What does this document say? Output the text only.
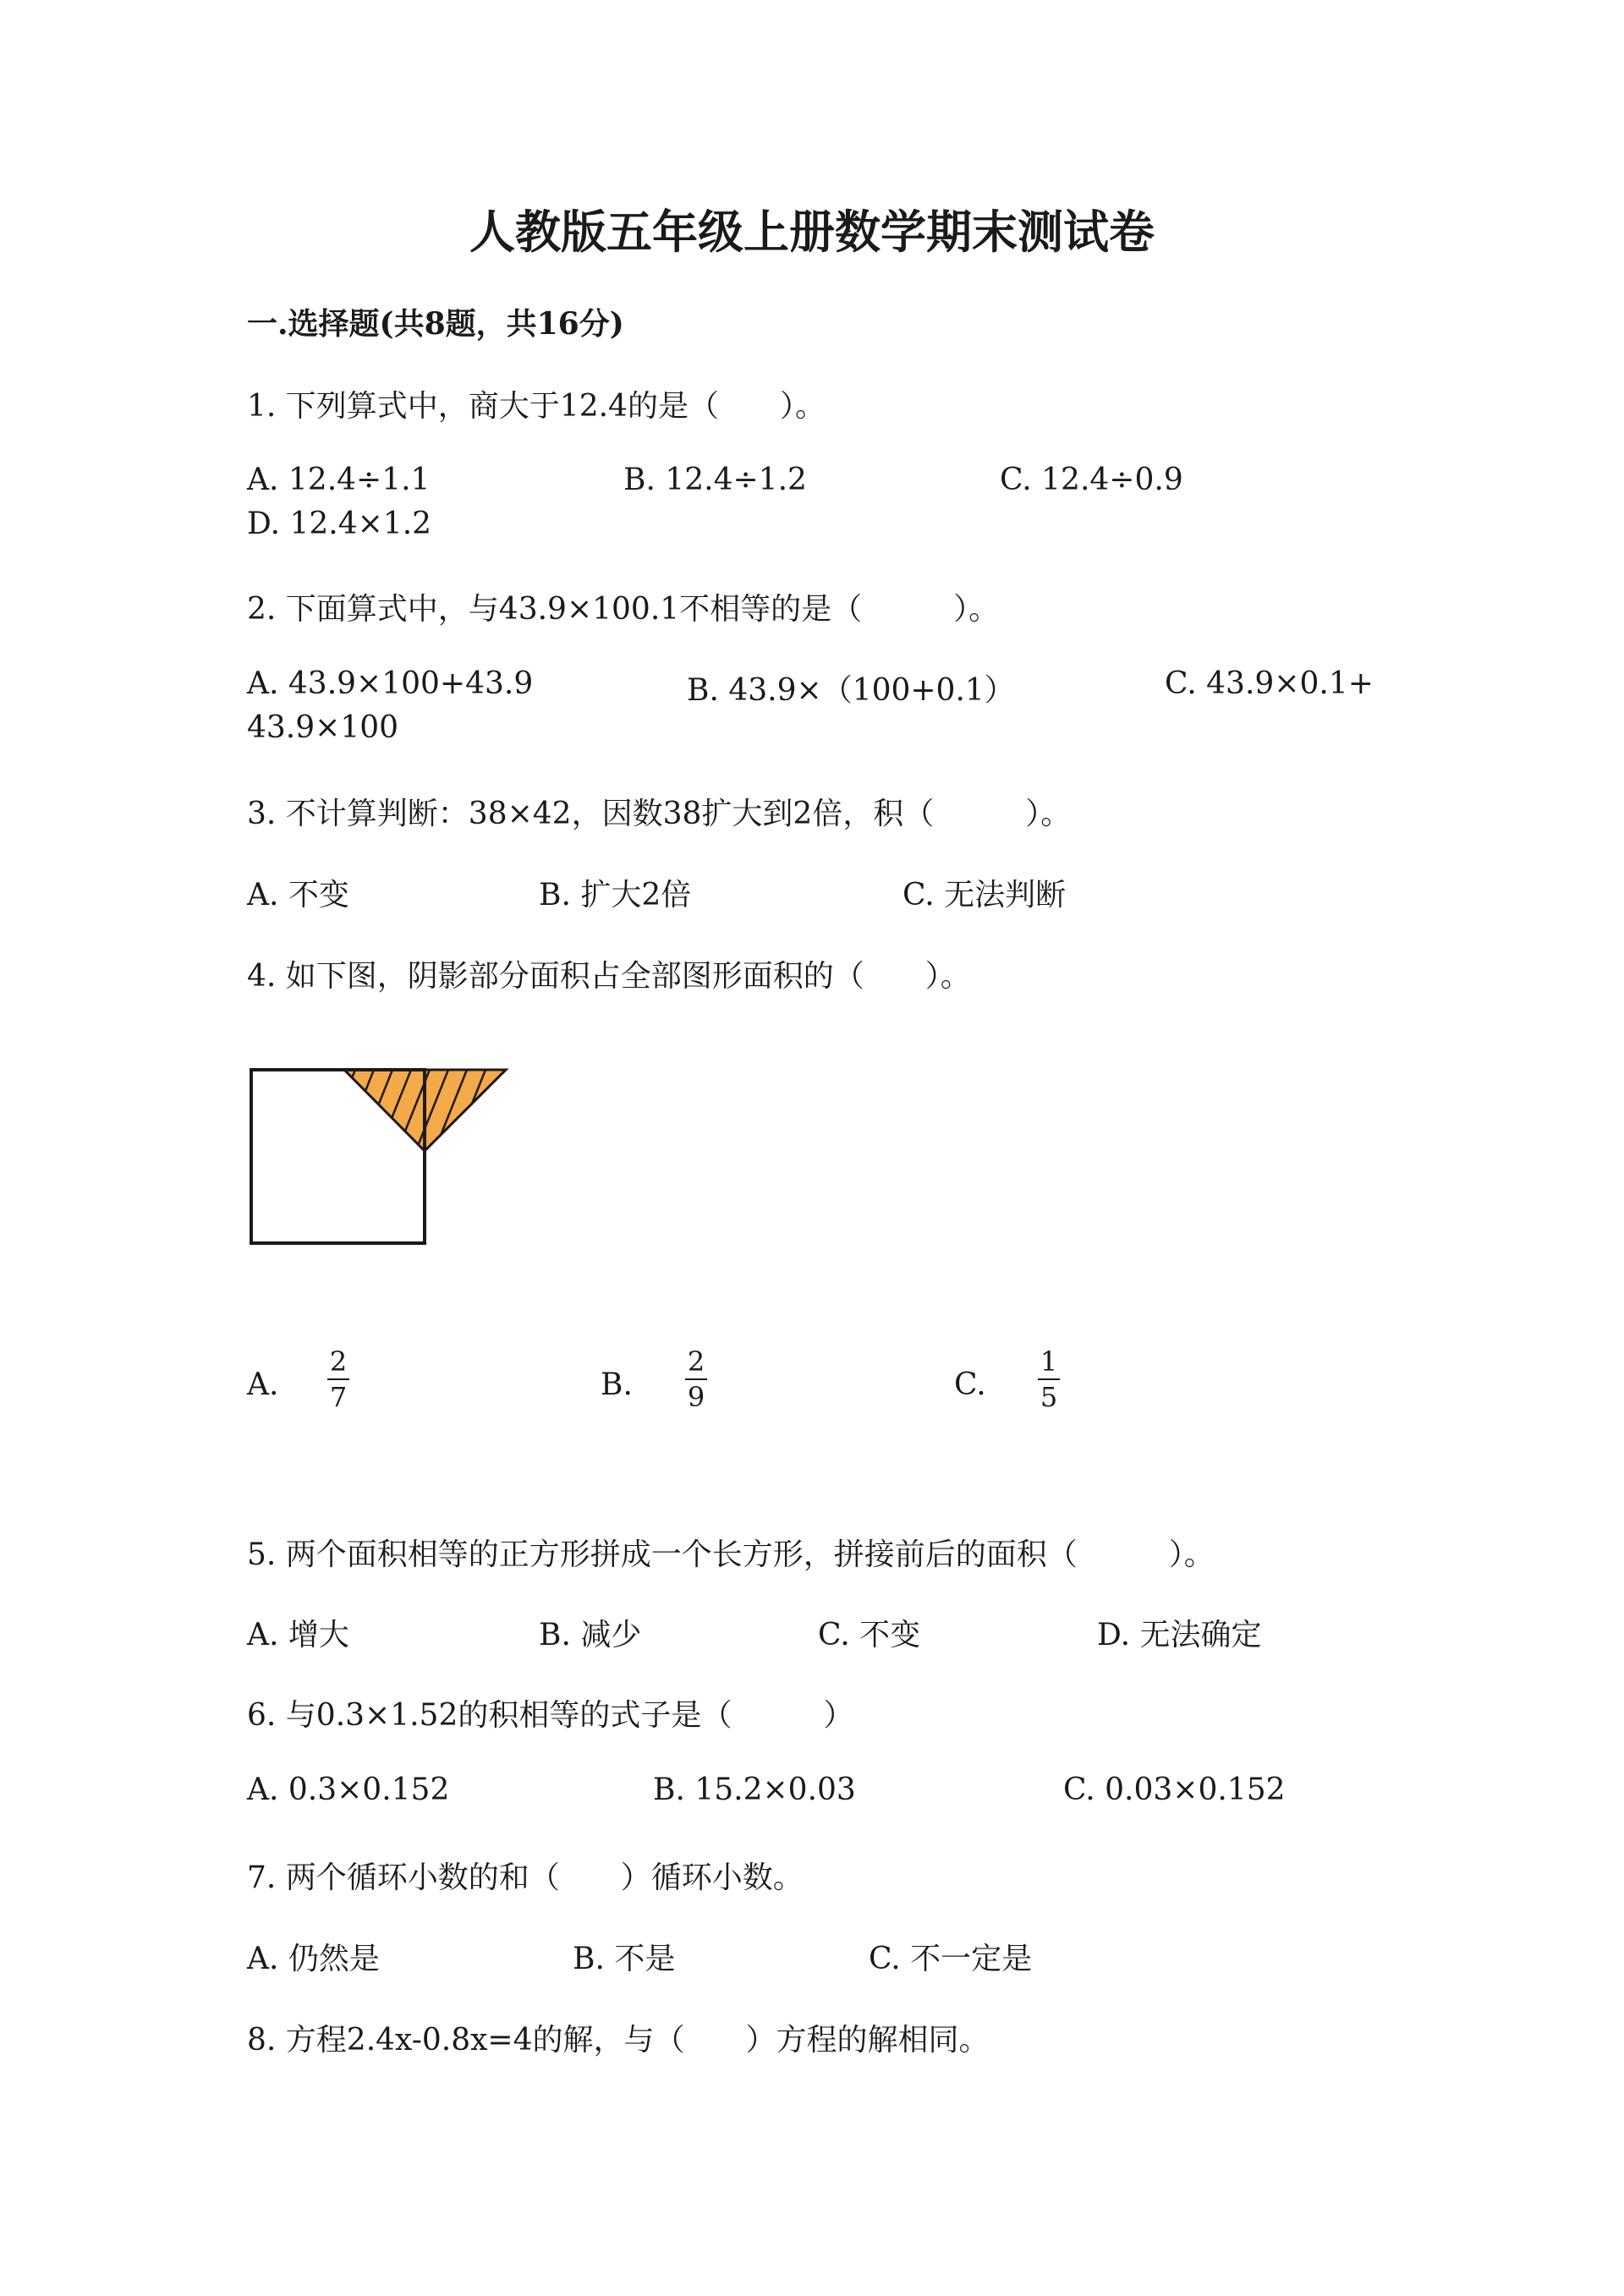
人教版五年级上册数学期末测试卷
一.选择题(共8题，共16分)
1. 下列算式中，商大于12.4的是（　　）。
A. 12.4÷1.1	B. 12.4÷1.2	C. 12.4÷0.9
D. 12.4×1.2
2. 下面算式中，与43.9×100.1不相等的是（　　　）。
A. 43.9×100+43.9	B. 43.9×（100+0.1）	C. 43.9×0.1+
43.9×100
3. 不计算判断：38×42，因数38扩大到2倍，积（　　　）。
A. 不变	B. 扩大2倍	C. 无法判断
4. 如下图，阴影部分面积占全部图形面积的（　　）。
A.
2
7	B.
2
9	C.
1
5
5. 两个面积相等的正方形拼成一个长方形，拼接前后的面积（　　　）。
A. 增大	B. 减少	C. 不变	D. 无法确定
6. 与0.3×1.52的积相等的式子是（　　　）
A. 0.3×0.152	B. 15.2×0.03	C. 0.03×0.152
7. 两个循环小数的和（　　）循环小数。
A. 仍然是	B. 不是	C. 不一定是
8. 方程2.4x-0.8x=4的解，与（　　）方程的解相同。
